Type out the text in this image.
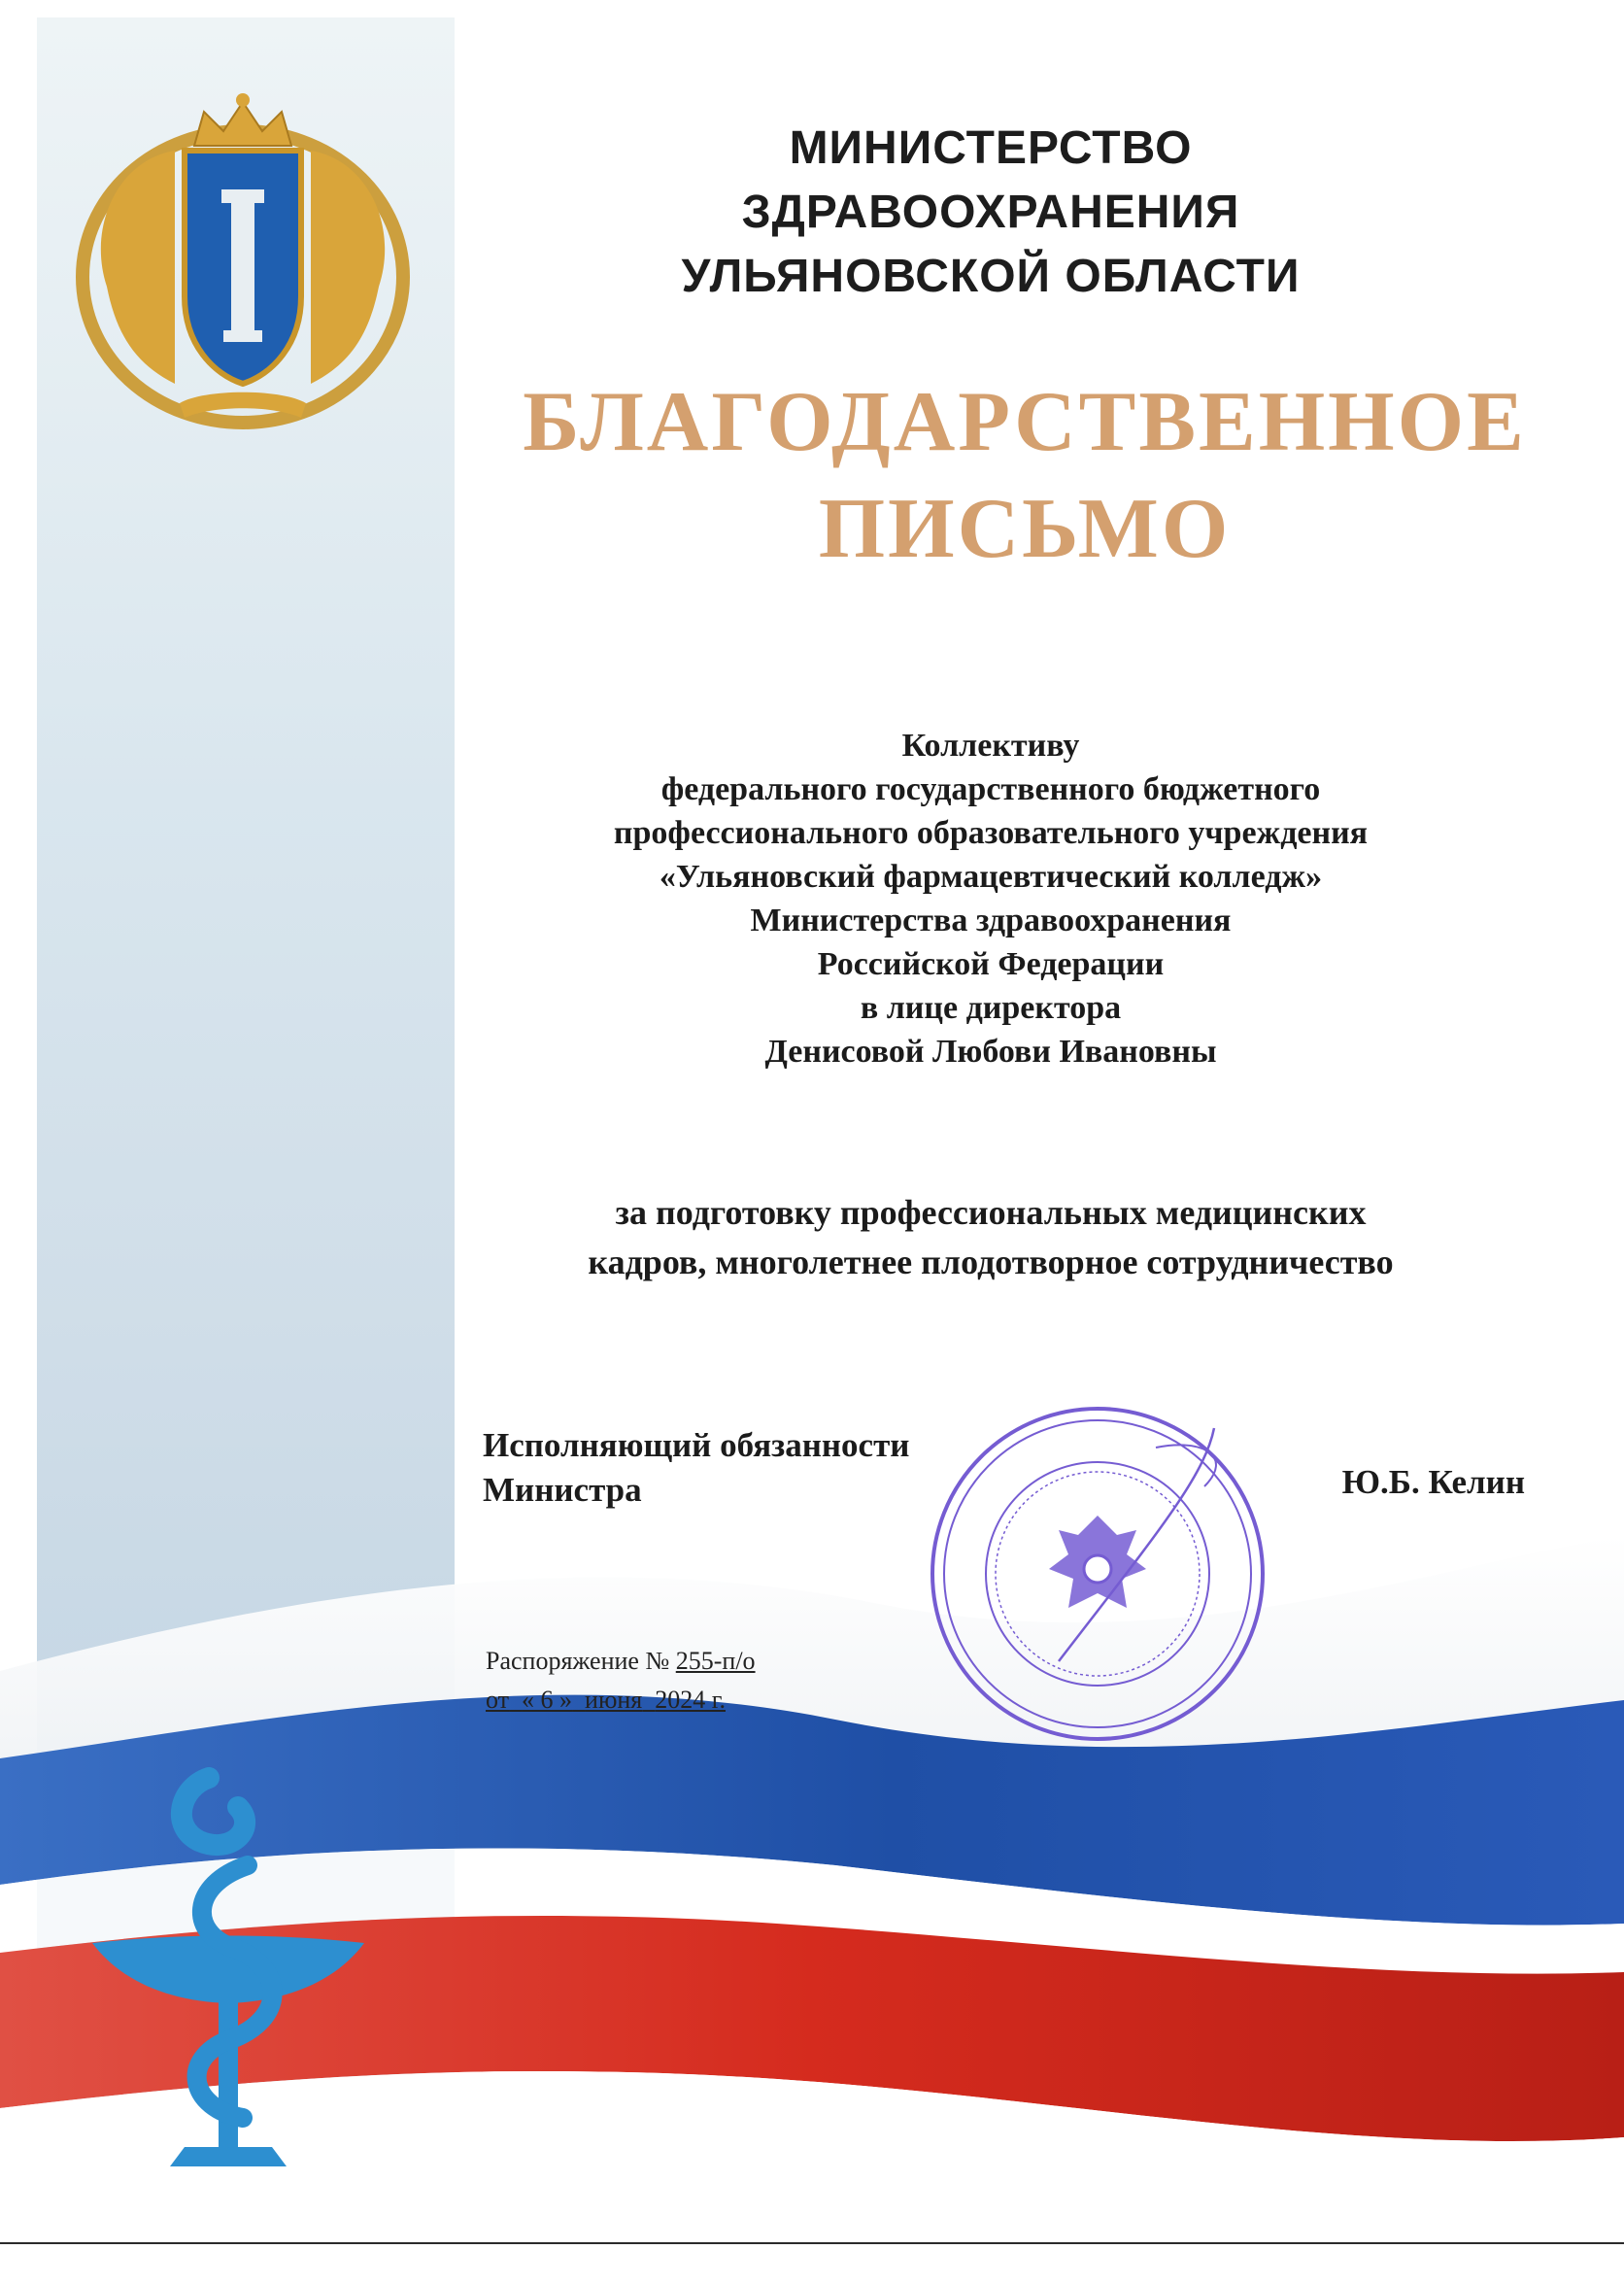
МИНИСТЕРСТВО
ЗДРАВООХРАНЕНИЯ
УЛЬЯНОВСКОЙ ОБЛАСТИ
БЛАГОДАРСТВЕННОЕ
ПИСЬМО

Коллективу
федерального государственного бюджетного
профессионального образовательного учреждения
«Ульяновский фармацевтический колледж»
Министерства здравоохранения
Российской Федерации
в лице директора
Денисовой Любови Ивановны

за подготовку профессиональных медицинских
кадров, многолетнее плодотворное сотрудничество

Исполняющий обязанности
Министра	Ю.Б. Келин
Распоряжение № 255-п/о
от « 6 » июня 2024 г.
